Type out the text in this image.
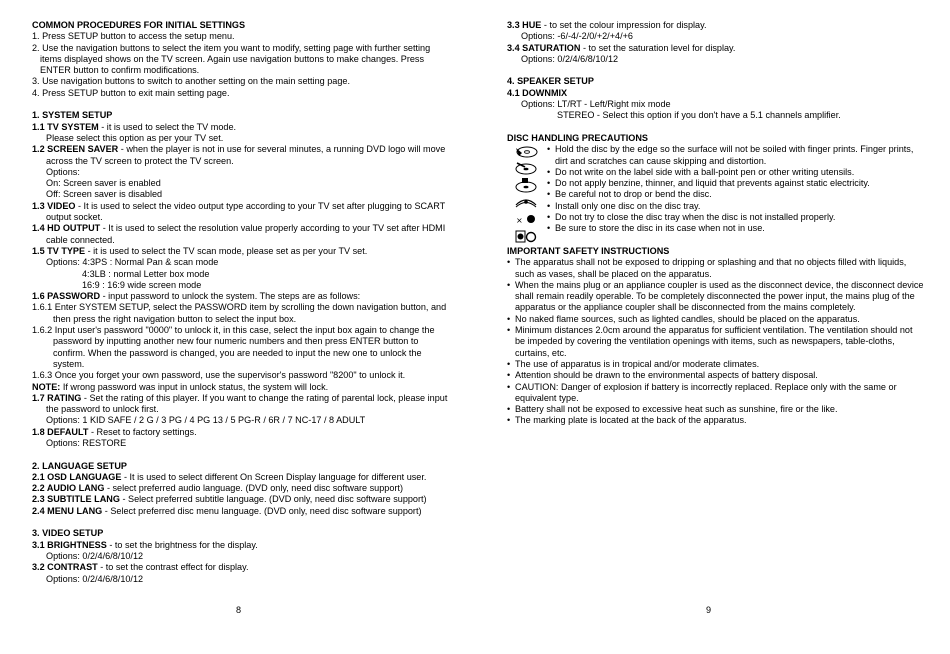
COMMON PROCEDURES FOR INITIAL SETTINGS
1. Press SETUP button to access the setup menu.
2. Use the navigation buttons to select the item you want to modify, setting page with further setting
items displayed shows on the TV screen. Again use navigation buttons to make changes. Press
ENTER button to confirm modifications.
3. Use navigation buttons to switch to another setting on the main setting page.
4. Press SETUP button to exit main setting page.
1. SYSTEM SETUP
1.1 TV SYSTEM - it is used to select the TV mode.
Please select this option as per your TV set.
1.2 SCREEN SAVER - when the player is not in use for several minutes, a running DVD logo will move
across the TV screen to protect the TV screen.
Options:
On: Screen saver is enabled
Off: Screen saver is disabled
1.3 VIDEO - It is used to select the video output type according to your TV set after plugging to SCART
output socket.
1.4 HD OUTPUT - It is used to select the resolution value properly according to your TV set after HDMI
cable connected.
1.5 TV TYPE - it is used to select the TV scan mode, please set as per your TV set.
Options: 4:3PS : Normal Pan & scan mode
4:3LB : normal Letter box mode
16:9 : 16:9 wide screen mode
1.6 PASSWORD - input password to unlock the system. The steps are as follows:
1.6.1 Enter SYSTEM SETUP, select the PASSWORD item by scrolling the down navigation button, and
then press the right navigation button to select the input box.
1.6.2 Input user's password "0000" to unlock it, in this case, select the input box again to change the
password by inputting another new four numeric numbers and then press ENTER button to
confirm. When the password is changed, you are needed to input the new one to unlock the
system.
1.6.3 Once you forget your own password, use the supervisor's password "8200" to unlock it.
NOTE: If wrong password was input in unlock status, the system will lock.
1.7 RATING - Set the rating of this player. If you want to change the rating of parental lock, please input
the password to unlock first.
Options: 1 KID SAFE / 2 G / 3 PG / 4 PG 13 / 5 PG-R / 6R / 7 NC-17 / 8 ADULT
1.8 DEFAULT - Reset to factory settings.
Options: RESTORE
2. LANGUAGE SETUP
2.1 OSD LANGUAGE - It is used to select different On Screen Display language for different user.
2.2 AUDIO LANG - select preferred audio language. (DVD only, need disc software support)
2.3 SUBTITLE LANG - Select preferred subtitle language. (DVD only, need disc software support)
2.4 MENU LANG - Select preferred disc menu language. (DVD only, need disc software support)
3. VIDEO SETUP
3.1 BRIGHTNESS - to set the brightness for the display.
Options: 0/2/4/6/8/10/12
3.2 CONTRAST - to set the contrast effect for display.
Options: 0/2/4/6/8/10/12
8
3.3 HUE - to set the colour impression for display.
Options: -6/-4/-2/0/+2/+4/+6
3.4 SATURATION - to set the saturation level for display.
Options: 0/2/4/6/8/10/12
4. SPEAKER SETUP
4.1 DOWNMIX
Options: LT/RT - Left/Right mix mode
STEREO - Select this option if you don't have a 5.1 channels amplifier.
DISC HANDLING PRECAUTIONS
×
• Hold the disc by the edge so the surface will not be soiled with finger prints. Finger prints,
dirt and scratches can cause skipping and distortion.
• Do not write on the label side with a ball-point pen or other writing utensils.
• Do not apply benzine, thinner, and liquid that prevents against static electricity.
• Be careful not to drop or bend the disc.
• Install only one disc on the disc tray.
• Do not try to close the disc tray when the disc is not installed properly.
• Be sure to store the disc in its case when not in use.
IMPORTANT SAFETY INSTRUCTIONS
• The apparatus shall not be exposed to dripping or splashing and that no objects filled with liquids,
such as vases, shall be placed on the apparatus.
• When the mains plug or an appliance coupler is used as the disconnect device, the disconnect device
shall remain readily operable. To be completely disconnected the power input, the mains plug of the
apparatus or the appliance coupler shall be disconnected from the mains completely.
• No naked flame sources, such as lighted candles, should be placed on the apparatus.
• Minimum distances 2.0cm around the apparatus for sufficient ventilation. The ventilation should not
be impeded by covering the ventilation openings with items, such as newspapers, table-cloths,
curtains, etc.
• The use of apparatus is in tropical and/or moderate climates.
• Attention should be drawn to the environmental aspects of battery disposal.
• CAUTION: Danger of explosion if battery is incorrectly replaced. Replace only with the same or
equivalent type.
• Battery shall not be exposed to excessive heat such as sunshine, fire or the like.
• The marking plate is located at the back of the apparatus.
9
